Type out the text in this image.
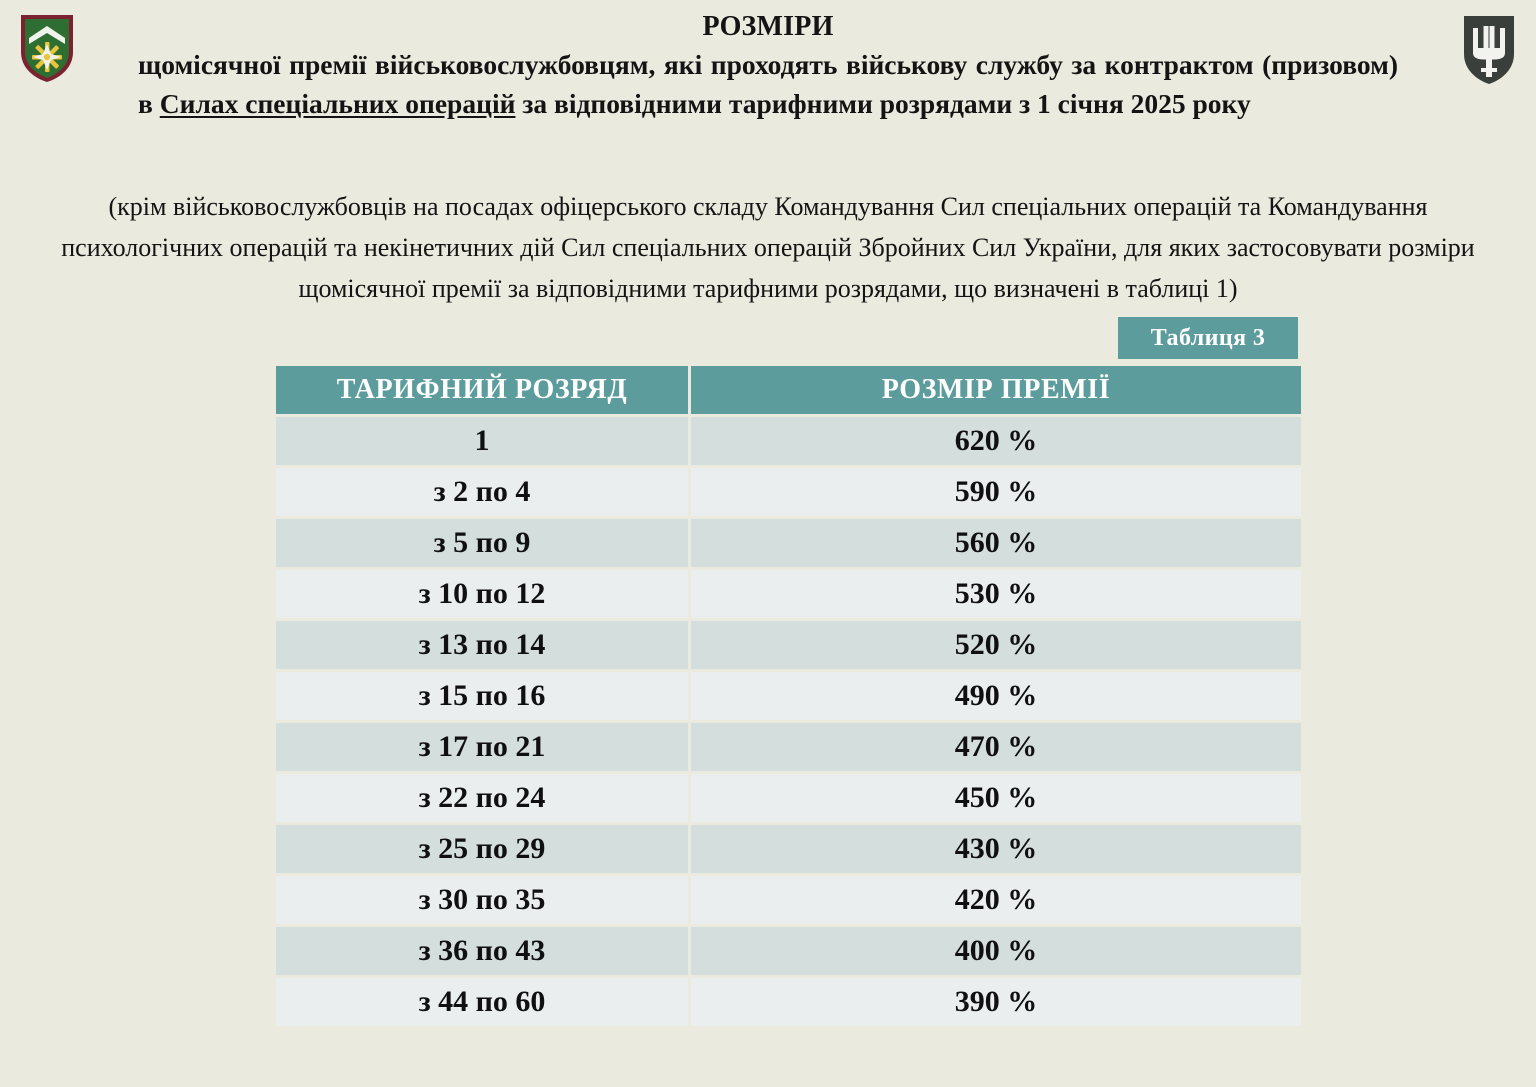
РОЗМІРИ

щомісячної премії військовослужбовцям, які проходять військову службу за контрактом (призовом) в Силах спеціальних операцій за відповідними тарифними розрядами з 1 січня 2025 року

(крім військовослужбовців на посадах офіцерського складу Командування Сил спеціальних операцій та Командування психологічних операцій та некінетичних дій Сил спеціальних операцій Збройних Сил України, для яких застосовувати розміри щомісячної премії за відповідними тарифними розрядами, що визначені в таблиці 1)
Таблиця 3
ТАРИФНИЙ РОЗРЯД	РОЗМІР ПРЕМІЇ
1	620 %
з 2 по 4	590 %
з 5 по 9	560 %
з 10 по 12	530 %
з 13 по 14	520 %
з 15 по 16	490 %
з 17 по 21	470 %
з 22 по 24	450 %
з 25 по 29	430 %
з 30 по 35	420 %
з 36 по 43	400 %
з 44 по 60	390 %
